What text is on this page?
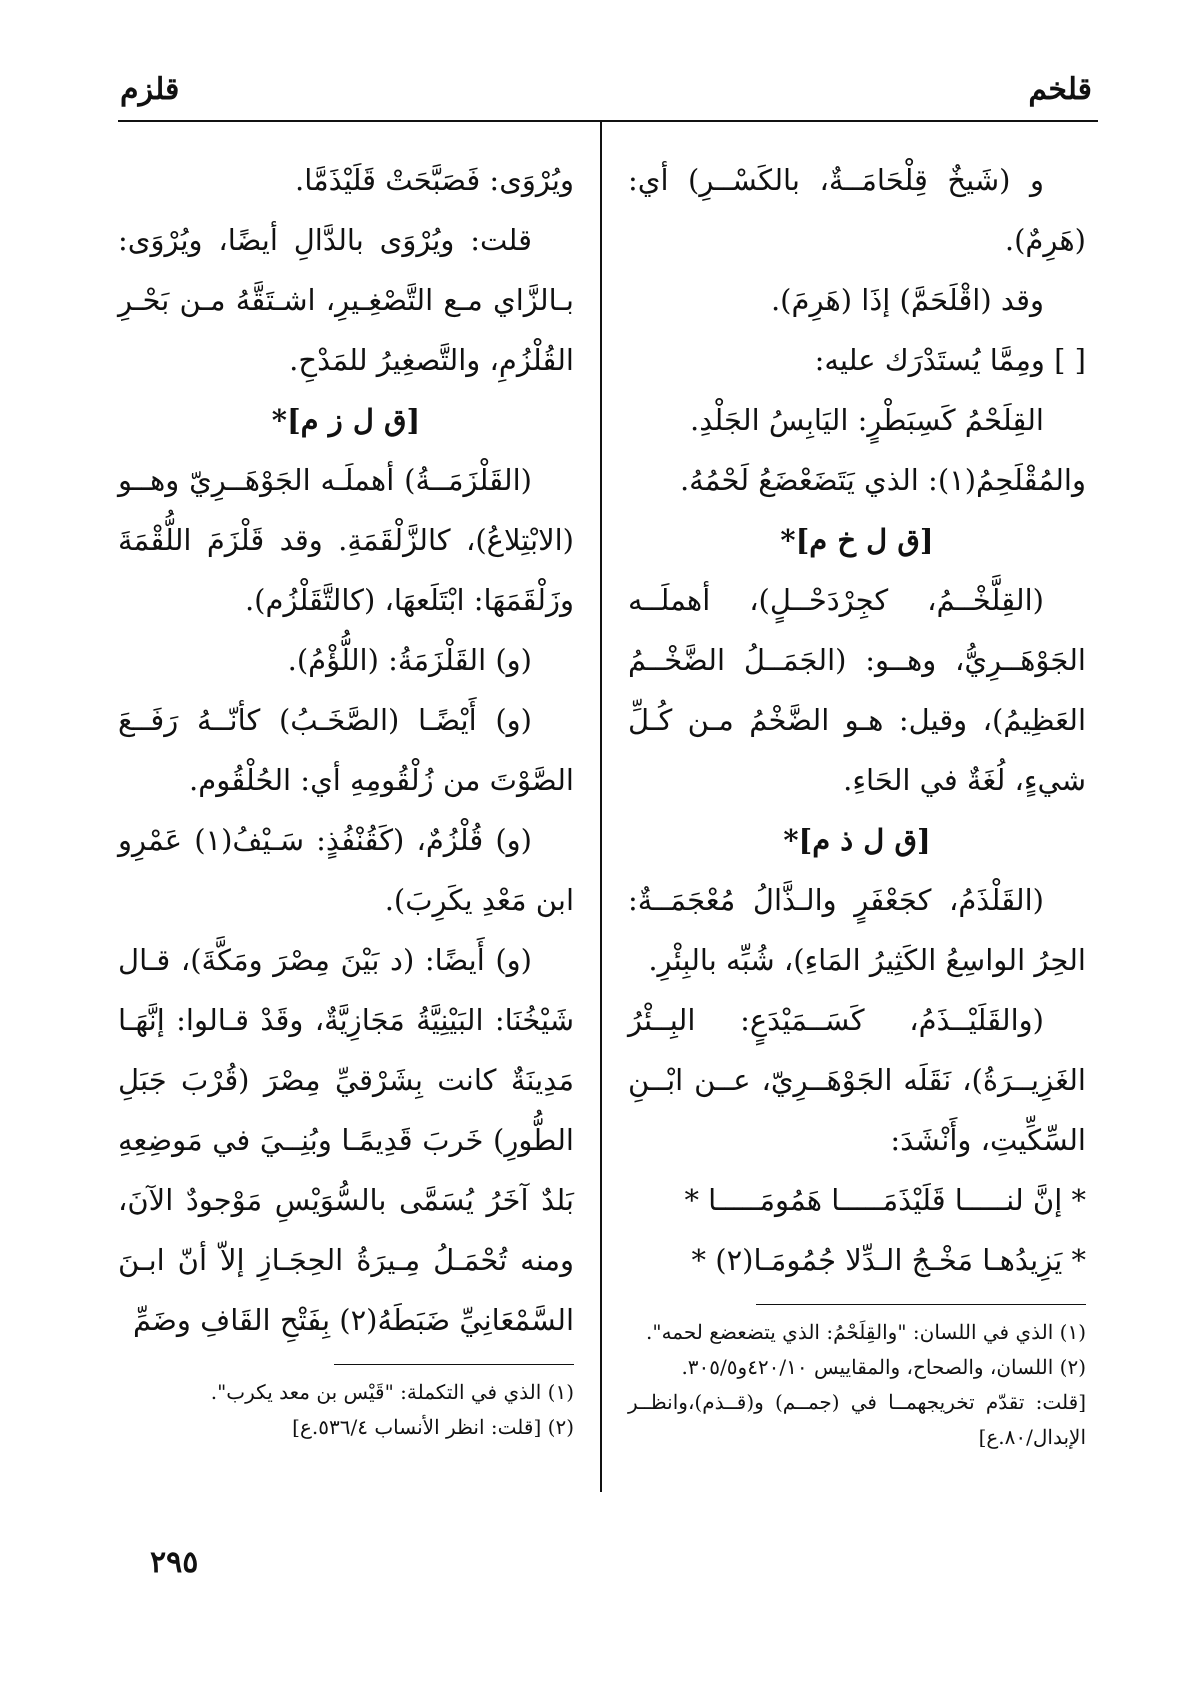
قلخم
قلزم

و (شَيخٌ قِلْحَامَــةٌ، بالكَسْــرِ) أي: (هَرِمٌ).

وقد (اقْلَحَمَّ) إذَا (هَرِمَ).

[ ] ومِمَّا يُستَدْرَك عليه:

القِلَحْمُ كَسِبَطْرٍ: اليَابِسُ الجَلْدِ.

والمُقْلَحِمُ(١): الذي يَتَضَعْضَعُ لَحْمُهُ.

[ق ل خ م]*

(القِلَّخْــمُ، كجِرْدَحْــلٍ)، أهملَــه الجَوْهَــرِيُّ، وهــو: (الجَمَــلُ الضَّخْــمُ العَظِيمُ)، وقيل: هـو الضَّخْمُ مـن كُـلِّ شيءٍ، لُغَةٌ في الحَاءِ.

[ق ل ذ م]*

(القَلْذَمُ، كجَعْفَرٍ والـذَّالُ مُعْجَمَــةٌ: الحِرُ الواسِعُ الكَثِيرُ المَاءِ)، شُبِّه بالبِئْرِ.

(والقَلَيْــذَمُ، كَسَــمَيْدَعٍ: البِــئْرُ الغَزِيــرَةُ)، نَقَلَه الجَوْهَــرِيّ، عــن ابْــنِ السِّكِّيتِ، وأَنْشَدَ:

* إنَّ لنـــــا قَلَيْذَمَـــــا هَمُومَـــــا *

* يَزِيدُهـا مَخْـجُ الـدِّلا جُمُومَـا(٢) *

(١) الذي في اللسان: "والقِلَحْمُ: الذي يتضعضع لحمه".

(٢) اللسان، والصحاح، والمقاييس ٤٢٠/١٠و٣٠٥/٥.

[قلت: تقدّم تخريجهمــا في (جمــم) و(قــذم)،وانظــر الإبدال/٨٠.ع]

ويُرْوَى: فَصَبَّحَتْ قَلَيْذَمَّا.

قلت: ويُرْوَى بالدَّالِ أيضًا، ويُرْوَى: بـالزَّاي مـع التَّصْغِـيرِ، اشـتَقَّهُ مـن بَحْـرِ القُلْزُمِ، والتَّصغِيرُ للمَدْحِ.

[ق ل ز م]*

(القَلْزَمَــةُ) أهملَـه الجَوْهَــرِيّ وهــو (الابْتِلاعُ)، كالزَّلْقَمَةِ. وقد قَلْزَمَ اللُّقْمَةَ وزَلْقَمَهَا: ابْتَلَعهَا، (كالتَّقَلْزُم).

(و) القَلْزَمَةُ: (اللُّؤْمُ).

(و) أَيْضًـا (الصَّخَـبُ) كأنّــهُ رَفَــعَ الصَّوْتَ من زُلْقُومِهِ أي: الحُلْقُوم.

(و) قُلْزُمٌ، (كَقُنْفُذٍ: سَـيْفُ(١) عَمْرِو ابن مَعْدِ يكَرِبَ).

(و) أَيضًا: (د بَيْنَ مِصْرَ ومَكَّةَ)، قـال شَيْخُنَا: البَيْنِيَّةُ مَجَازِيَّةٌ، وقَدْ قـالوا: إنَّهَـا مَدِينَةٌ كانت بِشَرْقيِّ مِصْرَ (قُرْبَ جَبَلِ الطُّورِ) خَربَ قَدِيمًـا وبُنِــيَ في مَوضِعِهِ بَلدٌ آخَرُ يُسَمَّى بالسُّوَيْسِ مَوْجودٌ الآنَ، ومنه تُحْمَـلُ مِـيرَةُ الحِجَـازِ إلاّ أنّ ابـنَ السَّمْعَانِيِّ ضَبَطَهُ(٢) بِفَتْحِ القَافِ وضَمِّ

(١) الذي في التكملة: "قَيْس بن معد يكرب".

(٢) [قلت: انظر الأنساب ٥٣٦/٤.ع]

٢٩٥
